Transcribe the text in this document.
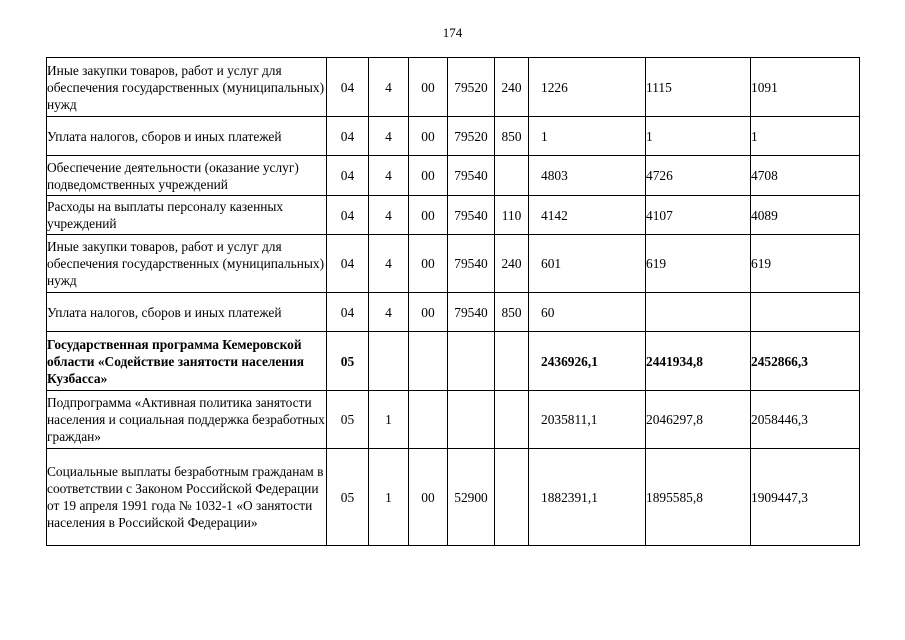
174
Иные закупки товаров, работ и услуг для обеспечения государственных (муниципальных) нужд	04	4	00	79520	240	1226	1115	1091
Уплата налогов, сборов и иных платежей	04	4	00	79520	850	1	1	1
Обеспечение деятельности (оказание услуг) подведомственных учреждений	04	4	00	79540		4803	4726	4708
Расходы на выплаты персоналу казенных учреждений	04	4	00	79540	110	4142	4107	4089
Иные закупки товаров, работ и услуг для обеспечения государственных (муниципальных) нужд	04	4	00	79540	240	601	619	619
Уплата налогов, сборов и иных платежей	04	4	00	79540	850	60		
Государственная программа Кемеровской области «Содействие занятости населения Кузбасса»	05					2436926,1	2441934,8	2452866,3
Подпрограмма «Активная политика занятости населения и социальная поддержка безработных граждан»	05	1				2035811,1	2046297,8	2058446,3
Социальные выплаты безработным гражданам в соответствии с Законом Российской Федерации от 19 апреля 1991 года № 1032-1 «О занятости населения в Российской Федерации»	05	1	00	52900		1882391,1	1895585,8	1909447,3
